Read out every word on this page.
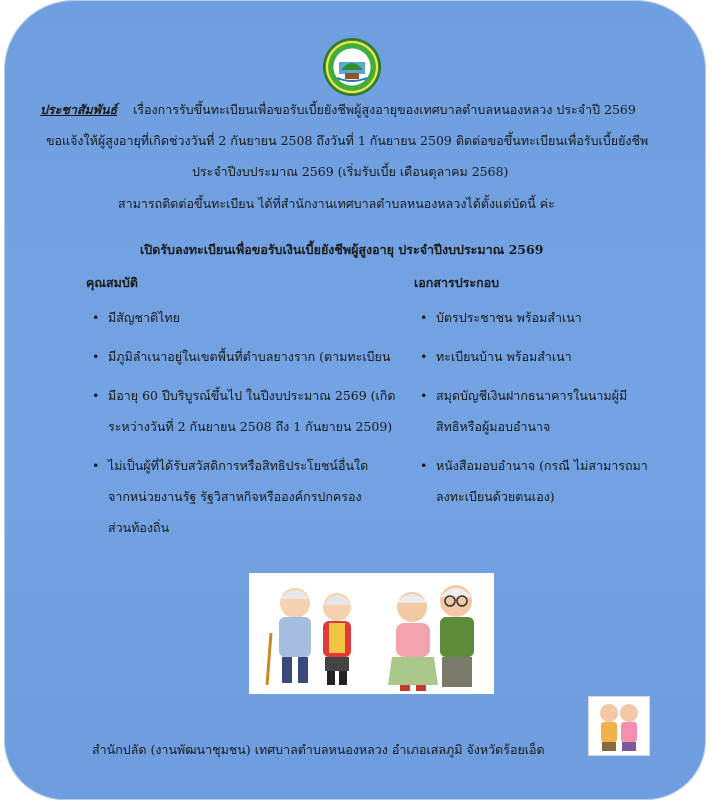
ประชาสัมพันธ์ เรื่องการรับขึ้นทะเบียนเพื่อขอรับเบี้ยยังชีพผู้สูงอายุของเทศบาลตำบลหนองหลวง ประจำปี 2569
ขอแจ้งให้ผู้สูงอายุที่เกิดช่วงวันที่ 2 กันยายน 2508 ถึงวันที่ 1 กันยายน 2509 ติดต่อขอขึ้นทะเบียนเพื่อรับเบี้ยยังชีพ
ประจำปีงบประมาณ 2569 (เริ่มรับเบี้ย เดือนตุลาคม 2568)
สามารถติดต่อขึ้นทะเบียน ได้ที่สำนักงานเทศบาลตำบลหนองหลวงได้ตั้งแต่บัดนี้ ค่ะ
เปิดรับลงทะเบียนเพื่อขอรับเงินเบี้ยยังชีพผู้สูงอายุ ประจำปีงบประมาณ 2569
คุณสมบัติ	เอกสารประกอบ
• มีสัญชาติไทย
• มีภูมิลำเนาอยู่ในเขตพื้นที่ตำบลยางราก (ตามทะเบียน
• มีอายุ 60 ปีบริบูรณ์ขึ้นไป ในปีงบประมาณ 2569 (เกิด
ระหว่างวันที่ 2 กันยายน 2508 ถึง 1 กันยายน 2509)
• ไม่เป็นผู้ที่ได้รับสวัสดิการหรือสิทธิประโยชน์อื่นใด
จากหน่วยงานรัฐ รัฐวิสาหกิจหรือองค์กรปกครอง
ส่วนท้องถิ่น
• บัตรประชาชน พร้อมสำเนา
• ทะเบียนบ้าน พร้อมสำเนา
• สมุดบัญชีเงินฝากธนาคารในนามผู้มี
สิทธิหรือผู้มอบอำนาจ
• หนังสือมอบอำนาจ (กรณี ไม่สามารถมา
ลงทะเบียนด้วยตนเอง)
สำนักปลัด (งานพัฒนาชุมชน) เทศบาลตำบลหนองหลวง อำเภอเสลภูมิ จังหวัดร้อยเอ็ด
